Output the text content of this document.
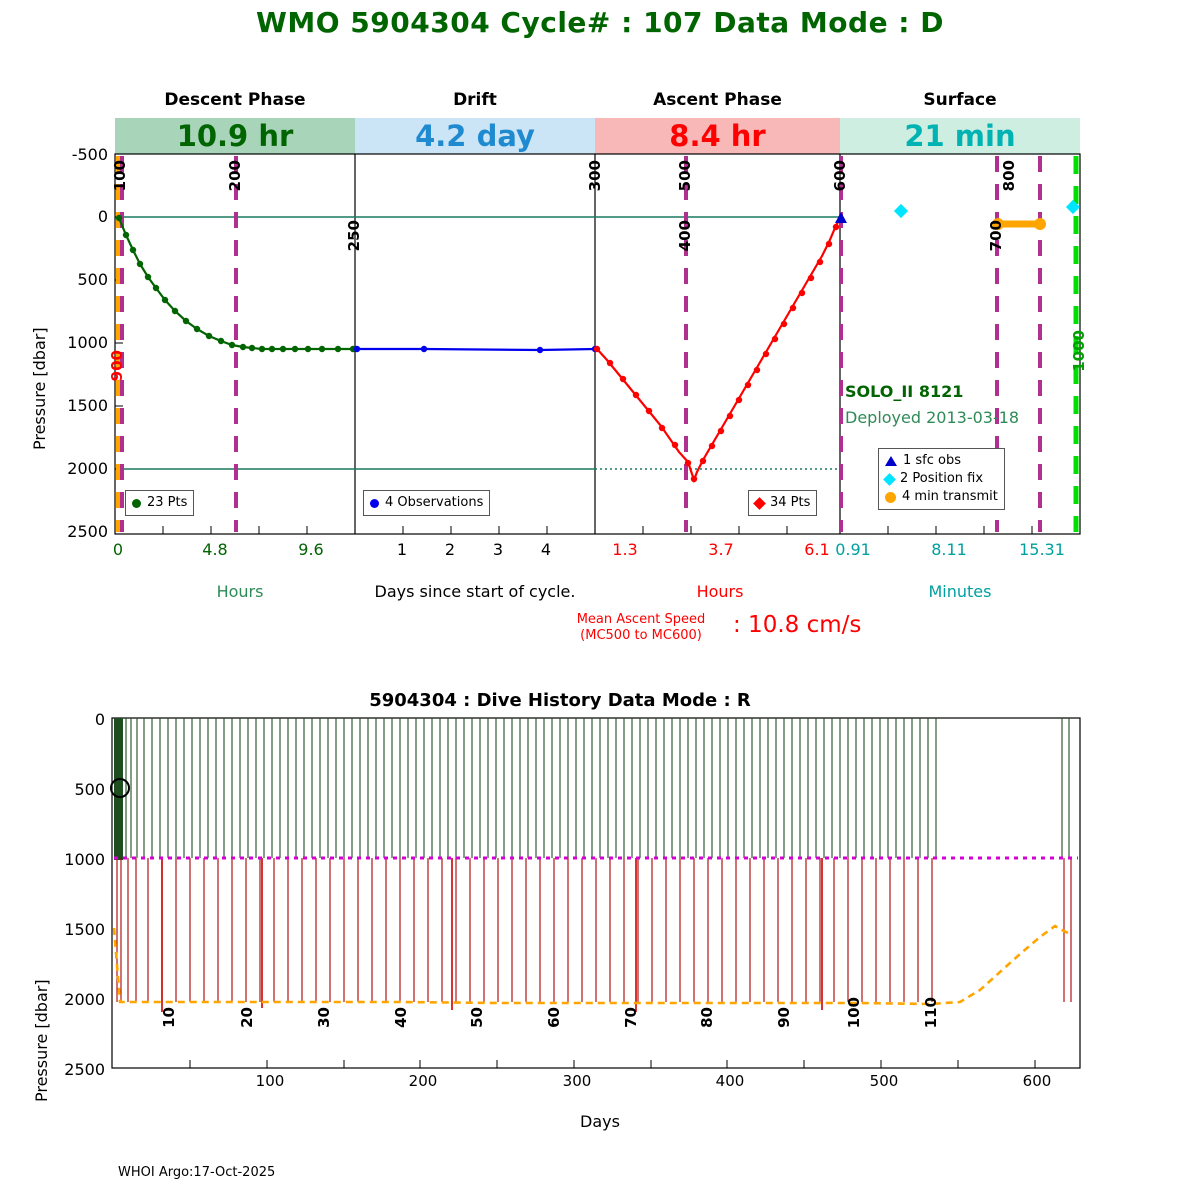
WMO 5904304 Cycle# : 107 Data Mode : D
Descent Phase	Drift	Ascent Phase	Surface
10.9 hr	4.2 day	8.4 hr	21 min
Pressure [dbar]
-500
0
500
1000
1500
2000
2500
100	200
250
300	500
400
600
700
800
900	1000
SOLO_II 8121
Deployed 2013-03-18
23 Pts	4 Observations	34 Pts
1 sfc obs
2 Position fix
4 min transmit
0	4.8	9.6	1	2	3	4	1.3	3.7	6.1 0.91	8.11	15.31
Hours	Days since start of cycle.	Hours	Minutes
Mean Ascent Speed
(MC500 to MC600)	: 10.8 cm/s
5904304 : Dive History Data Mode : R
Pressure [dbar]
0
500
1000
1500
2000
2500
10	20	30	40	50	60	70	80	90	100	110
100	200	300	400	500	600
Days
WHOI Argo:17-Oct-2025
